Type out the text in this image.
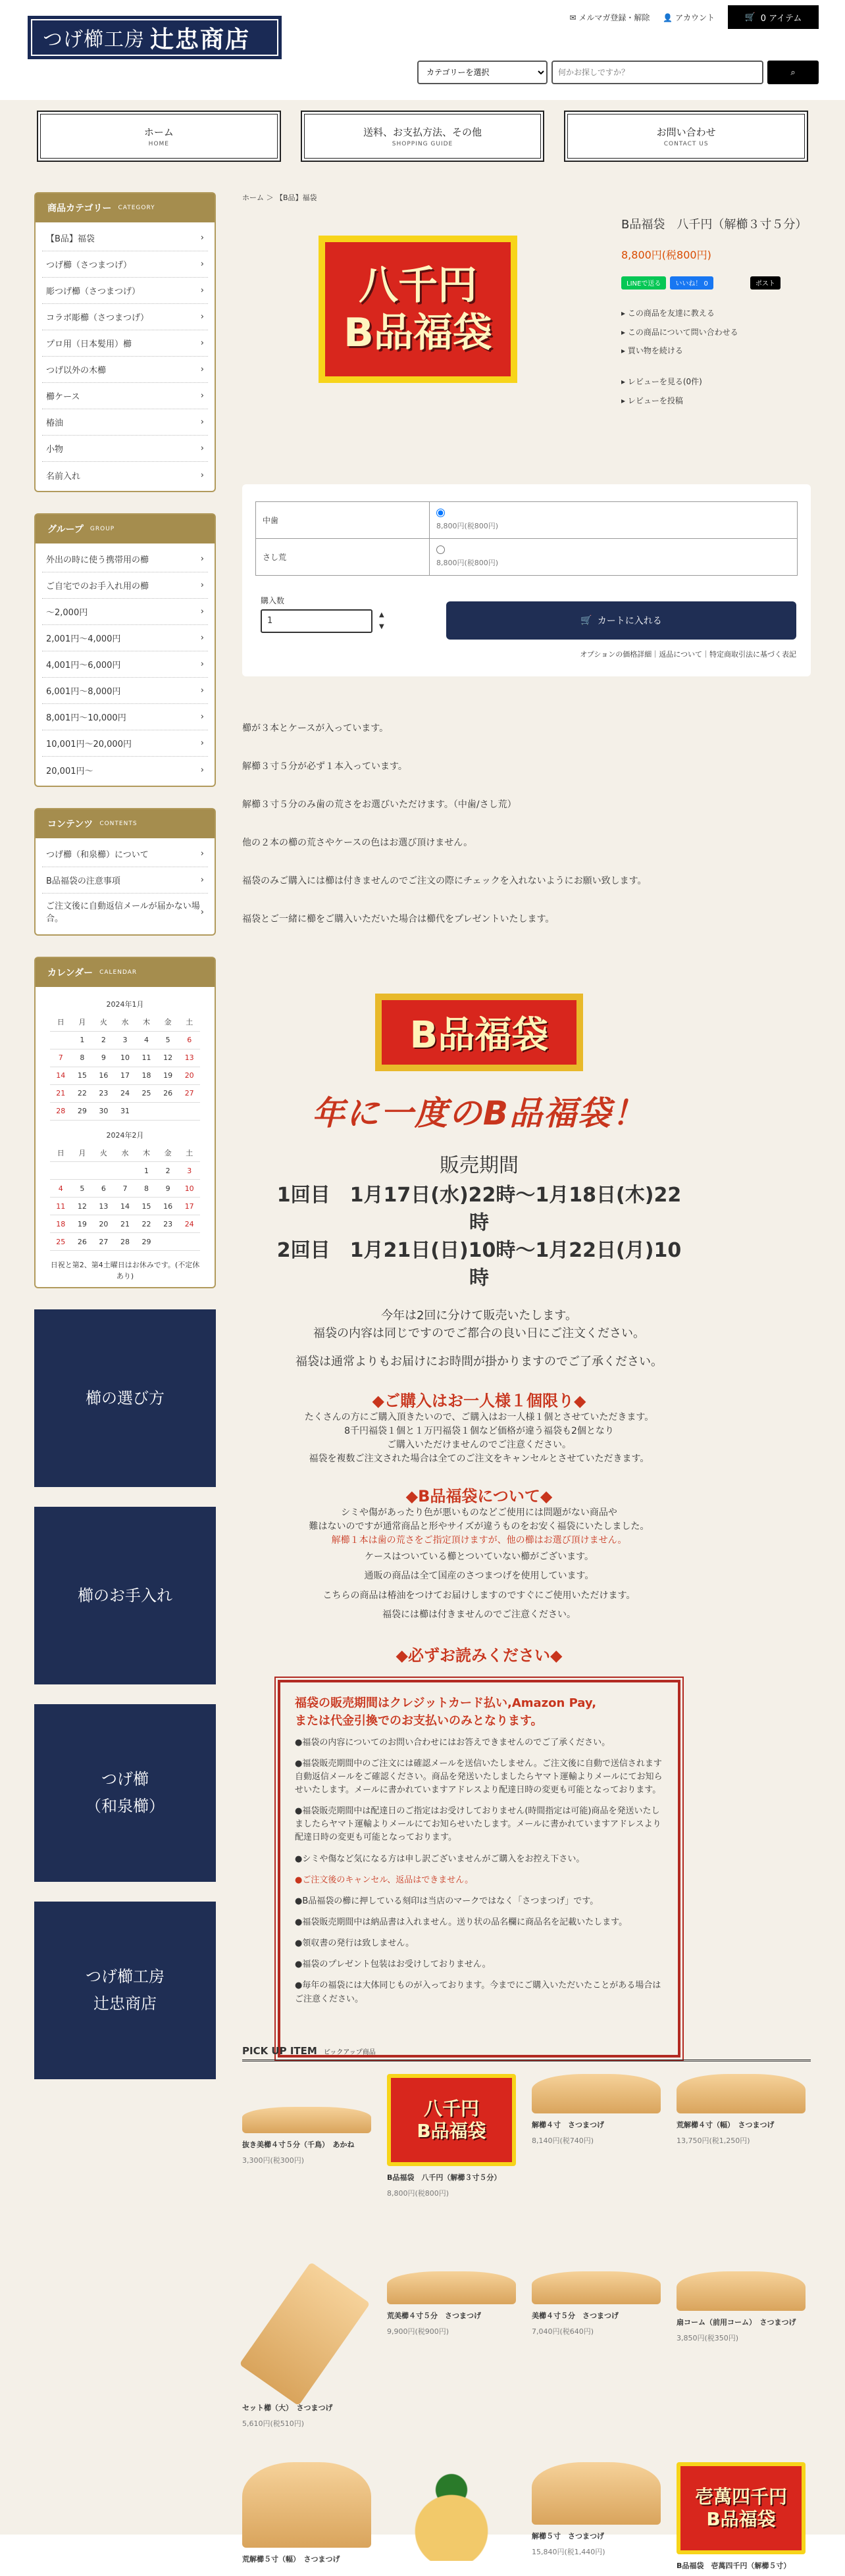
つげ櫛工房 辻忠商店
✉ メルマガ登録・解除 👤 アカウント	🛒 0 アイテム
カテゴリーを選択
何かお探しですか？
⌕
ホーム
HOME
送料、お支払方法、その他
SHOPPING GUIDE
お問い合わせ
CONTACT US
商品カテゴリー CATEGORY
【B品】福袋	›
つげ櫛（さつまつげ）	›
彫つげ櫛（さつまつげ）	›
コラボ彫櫛（さつまつげ）	›
プロ用（日本髪用）櫛	›
つげ以外の木櫛	›
櫛ケース	›
椿油	›
小物	›
名前入れ	›
グループ GROUP
外出の時に使う携帯用の櫛	›
ご自宅でのお手入れ用の櫛	›
〜2,000円	›
2,001円〜4,000円	›
4,001円〜6,000円	›
6,001円〜8,000円	›
8,001円〜10,000円	›
10,001円〜20,000円	›
20,001円〜	›
コンテンツ CONTENTS
つげ櫛（和泉櫛）について	›
B品福袋の注意事項	›
ご注文後に自動返信メールが届かない場合。
›
カレンダー CALENDAR
2024年1月
日	月	火	水	木	金	土
	1	2	3	4	5	6
7	8	9	10	11	12	13
14	15	16	17	18	19	20
21	22	23	24	25	26	27
28	29	30	31			
2024年2月
日	月	火	水	木	金	土
				1	2	3
4	5	6	7	8	9	10
11	12	13	14	15	16	17
18	19	20	21	22	23	24
25	26	27	28	29		
日祝と第2、第4土曜日はお休みです。(不定休あり)
櫛の選び方
櫛のお手入れ
つげ櫛
（和泉櫛）
つげ櫛工房
辻忠商店
ホーム ＞ 【B品】福袋
八千円
B品福袋
B品福袋　八千円（解櫛３寸５分）
8,800円(税800円)
LINEで送る	いいね！ 0	ポスト
▸ この商品を友達に教える
▸ この商品について問い合わせる
▸ 買い物を続ける
▸ レビューを見る(0件)
▸ レビューを投稿
中歯	8,800円(税800円)
さし荒	8,800円(税800円)
購入数
1
▲
▼
🛒 カートに入れる
オプションの価格詳細｜返品について｜特定商取引法に基づく表記

櫛が３本とケースが入っています。

解櫛３寸５分が必ず１本入っています。

解櫛３寸５分のみ歯の荒さをお選びいただけます。（中歯/さし荒）

他の２本の櫛の荒さやケースの色はお選び頂けません。

福袋のみご購入には櫛は付きませんのでご注文の際にチェックを入れないようにお願い致します。

福袋とご一緒に櫛をご購入いただいた場合は櫛代をプレゼントいたします。

B品福袋
年に一度のB品福袋！
販売期間
1回目　1月17日(水)22時〜1月18日(木)22時
2回目　1月21日(日)10時〜1月22日(月)10時
今年は2回に分けて販売いたします。
福袋の内容は同じですのでご都合の良い日にご注文ください。
福袋は通常よりもお届けにお時間が掛かりますのでご了承ください。
◆ご購入はお一人様１個限り◆
たくさんの方にご購入頂きたいので、ご購入はお一人様１個とさせていただきます。
8千円福袋１個と１万円福袋１個など価格が違う福袋も2個となり
ご購入いただけませんのでご注意ください。
福袋を複数ご注文された場合は全てのご注文をキャンセルとさせていただきます。
◆B品福袋について◆
シミや傷があったり色が悪いものなどご使用には問題がない商品や
難はないのですが通常商品と形やサイズが違うものをお安く福袋にいたしました。
解櫛１本は歯の荒さをご指定頂けますが、他の櫛はお選び頂けません。
ケースはついている櫛とついていない櫛がございます。
通販の商品は全て国産のさつまつげを使用しています。
こちらの商品は椿油をつけてお届けしますのですぐにご使用いただけます。
福袋には櫛は付きませんのでご注意ください。
◆必ずお読みください◆
福袋の販売期間はクレジットカード払い,Amazon Pay,
または代金引換でのお支払いのみとなります。

●福袋の内容についてのお問い合わせにはお答えできませんのでご了承ください。

●福袋販売期間中のご注文には確認メールを送信いたしません。ご注文後に自動で送信されます自動返信メールをご確認ください。商品を発送いたしましたらヤマト運輸よりメールにてお知らせいたします。メールに書かれていますアドレスより配達日時の変更も可能となっております。

●福袋販売期間中は配達日のご指定はお受けしておりません(時間指定は可能)商品を発送いたしましたらヤマト運輸よりメールにてお知らせいたします。メールに書かれていますアドレスより配達日時の変更も可能となっております。

●シミや傷など気になる方は申し訳ございませんがご購入をお控え下さい。

●ご注文後のキャンセル、返品はできません。

●B品福袋の櫛に押している刻印は当店のマークではなく「さつまつげ」です。

●福袋販売期間中は納品書は入れません。送り状の品名欄に商品名を記載いたします。

●領収書の発行は致しません。

●福袋のプレゼント包装はお受けしておりません。

●毎年の福袋には大体同じものが入っております。今までにご購入いただいたことがある場合はご注意ください。

PICK UP ITEM ピックアップ商品
抜き美櫛４寸５分（千鳥）　あかね
3,300円(税300円)
八千円
B品福袋
B品福袋　八千円（解櫛３寸５分）
8,800円(税800円)
解櫛４寸　さつまつげ
8,140円(税740円)
荒解櫛４寸（幅）　さつまつげ
13,750円(税1,250円)
セット櫛（大）　さつまつげ
5,610円(税510円)
荒美櫛４寸５分　さつまつげ
9,900円(税900円)
美櫛４寸５分　さつまつげ
7,040円(税640円)
扇コーム（前用コーム）　さつまつげ
3,850円(税350円)
荒解櫛５寸（幅）　さつまつげ
解櫛５寸　さつまつげ
15,840円(税1,440円)
壱萬四千円
B品福袋
B品福袋　壱萬四千円（解櫛５寸）
